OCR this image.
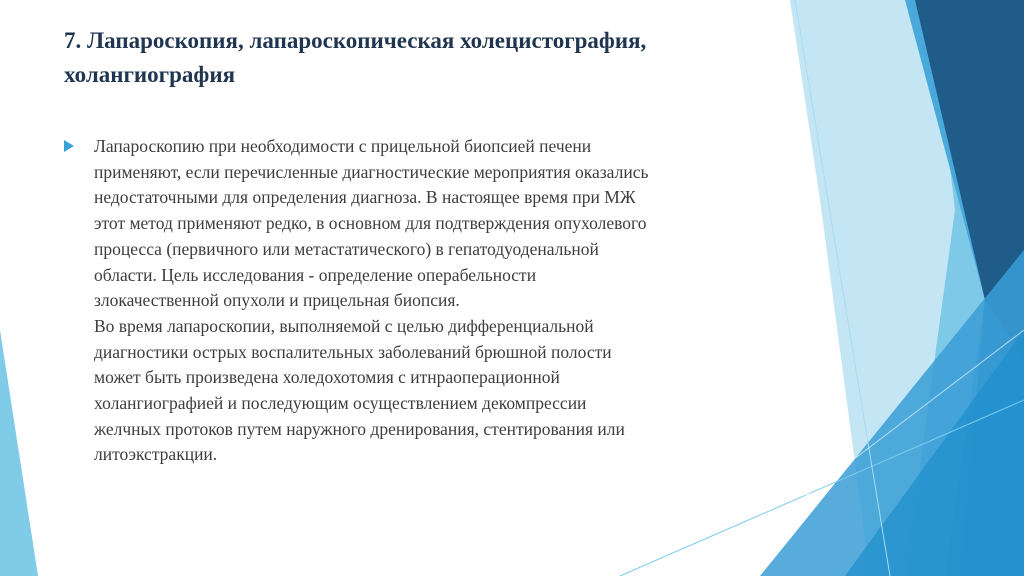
7. Лапароскопия, лапароскопическая холецистография,
холангиография
Лапароскопию при необходимости с прицельной биопсией печени
применяют, если перечисленные диагностические мероприятия оказались
недостаточными для определения диагноза. В настоящее время при МЖ
этот метод применяют редко, в основном для подтверждения опухолевого
процесса (первичного или метастатического) в гепатодуоденальной
области. Цель исследования - определение операбельности
злокачественной опухоли и прицельная биопсия.
Во время лапароскопии, выполняемой с целью дифференциальной
диагностики острых воспалительных заболеваний брюшной полости
может быть произведена холедохотомия с итнраоперационной
холангиографией и последующим осуществлением декомпрессии
желчных протоков путем наружного дренирования, стентирования или
литоэкстракции.
